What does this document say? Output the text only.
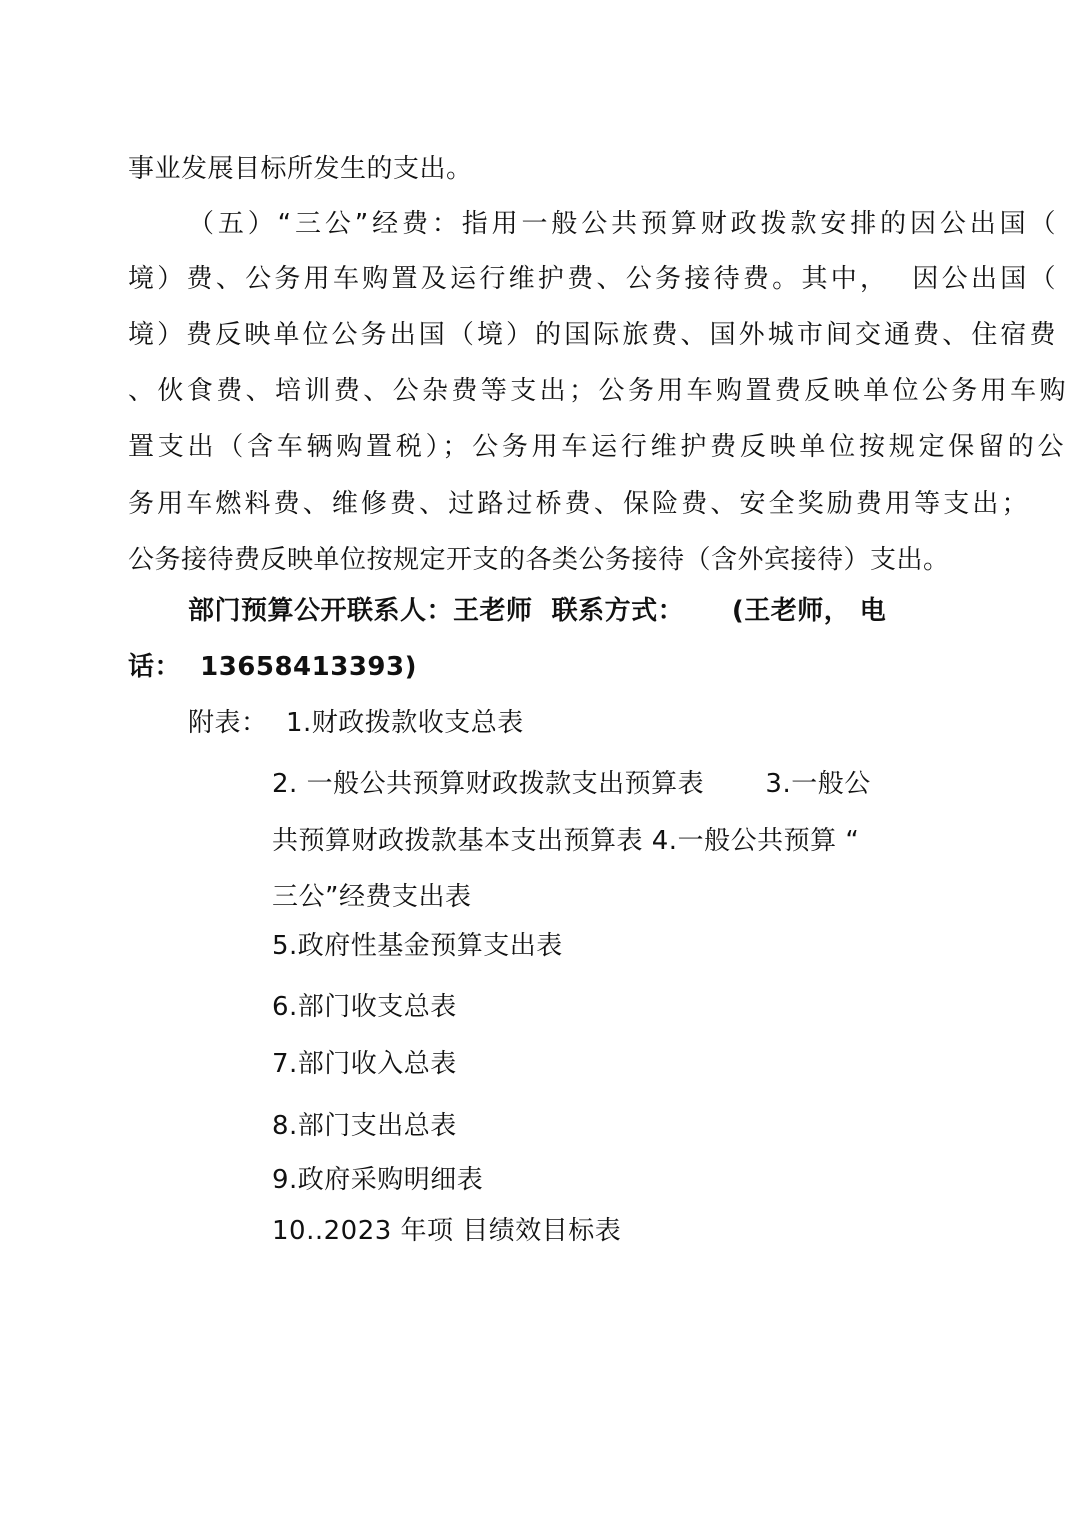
事业发展目标所发生的支出。
（五）“三公”经费：指用一般公共预算财政拨款安排的因公出国（
境）费、公务用车购置及运行维护费、公务接待费。其中，  因公出国（
境）费反映单位公务出国（境）的国际旅费、国外城市间交通费、住宿费
、伙食费、培训费、公杂费等支出；公务用车购置费反映单位公务用车购
置支出（含车辆购置税）；公务用车运行维护费反映单位按规定保留的公
务用车燃料费、维修费、过路过桥费、保险费、安全奖励费用等支出；
公务接待费反映单位按规定开支的各类公务接待（含外宾接待）支出。
部门预算公开联系人：王老师  联系方式：     (王老师， 电
话：  13658413393)
附表： 1.财政拨款收支总表
2. 一般公共预算财政拨款支出预算表       3.一般公
共预算财政拨款基本支出预算表 4.一般公共预算 “
三公”经费支出表
5.政府性基金预算支出表
6.部门收支总表
7.部门收入总表
8.部门支出总表
9.政府采购明细表
10..2023 年项 目绩效目标表
